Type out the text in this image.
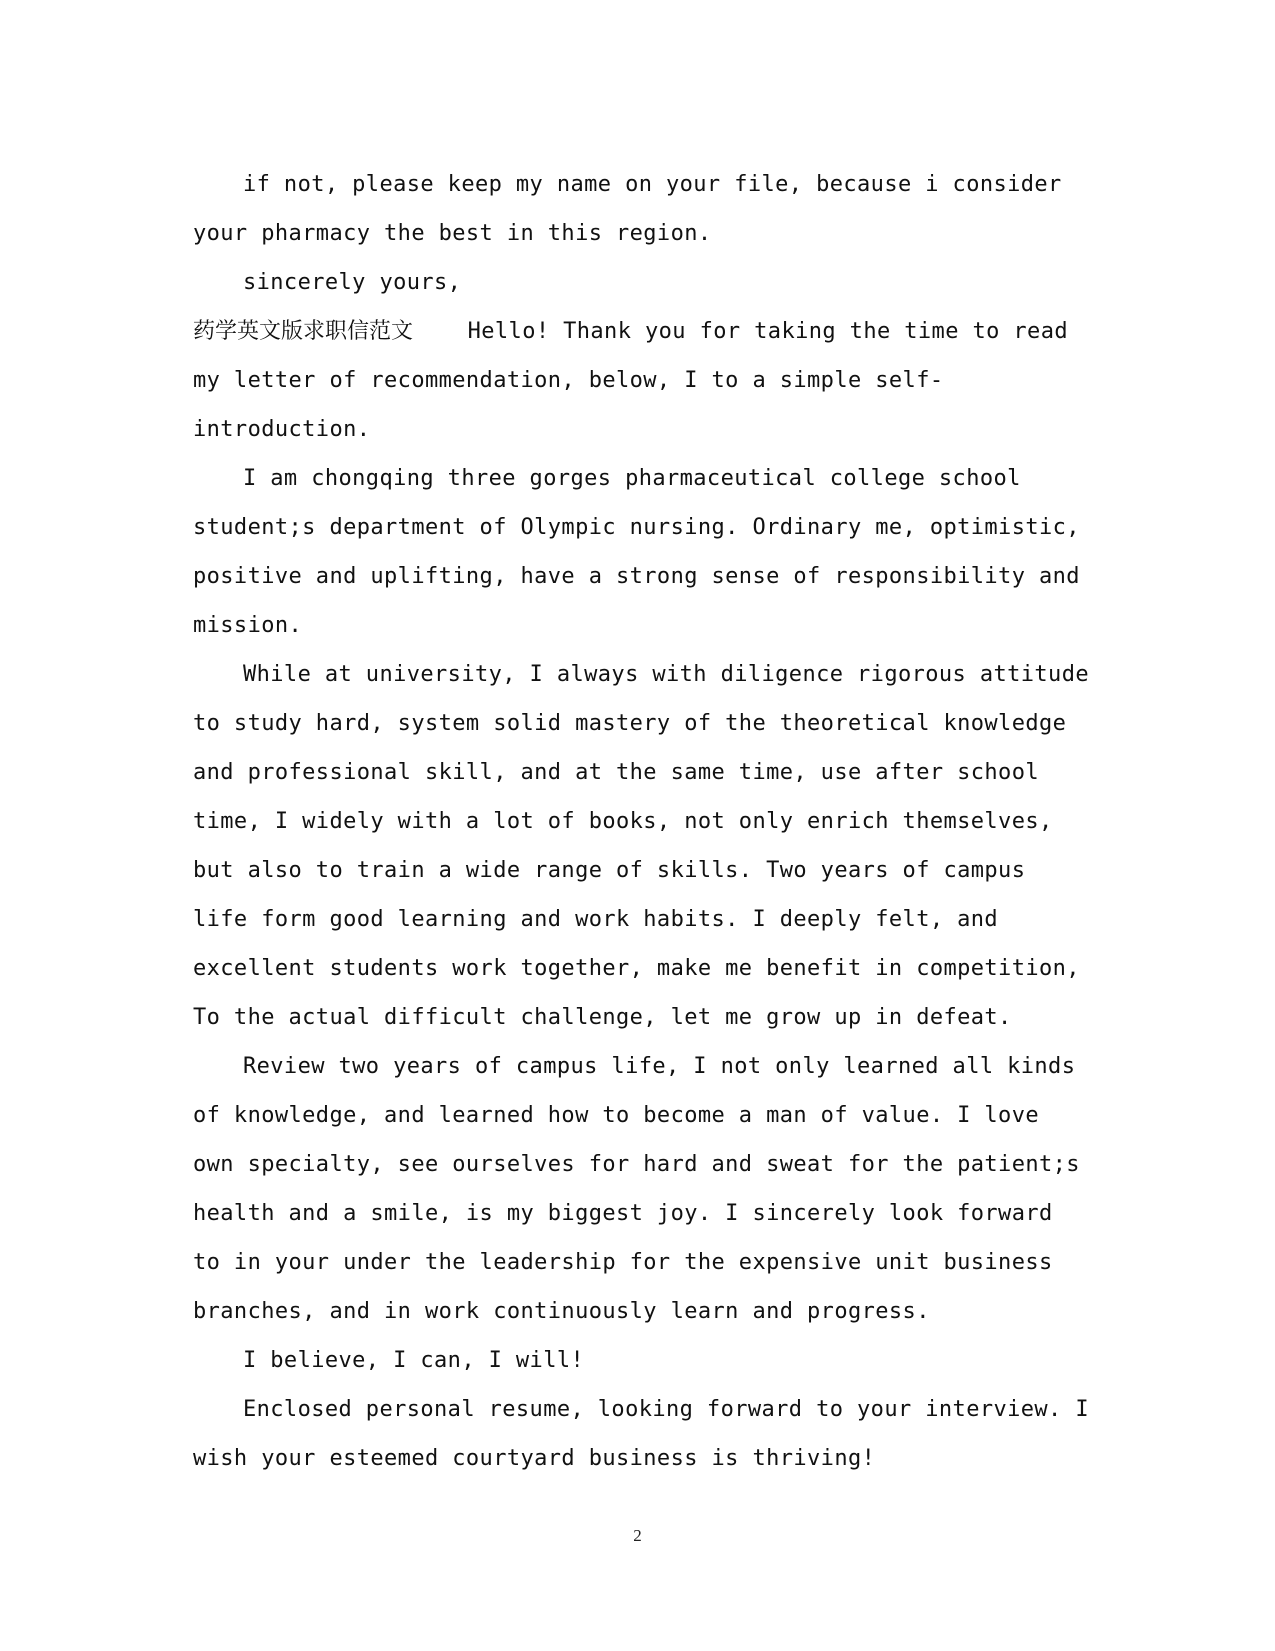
if not, please keep my name on your file, because i consider your pharmacy the best in this region.

sincerely yours,

药学英文版求职信范文 Hello! Thank you for taking the time to read my letter of recommendation, below, I to a simple self-introduction.

I am chongqing three gorges pharmaceutical college school student;s department of Olympic nursing. Ordinary me, optimistic, positive and uplifting, have a strong sense of responsibility and mission.

While at university, I always with diligence rigorous attitude to study hard, system solid mastery of the theoretical knowledge and professional skill, and at the same time, use after school time, I widely with a lot of books, not only enrich themselves, but also to train a wide range of skills. Two years of campus life form good learning and work habits. I deeply felt, and excellent students work together, make me benefit in competition, To the actual difficult challenge, let me grow up in defeat.

Review two years of campus life, I not only learned all kinds of knowledge, and learned how to become a man of value. I love own specialty, see ourselves for hard and sweat for the patient;s health and a smile, is my biggest joy. I sincerely look forward to in your under the leadership for the expensive unit business branches, and in work continuously learn and progress.

I believe, I can, I will!

Enclosed personal resume, looking forward to your interview. I wish your esteemed courtyard business is thriving!

2
